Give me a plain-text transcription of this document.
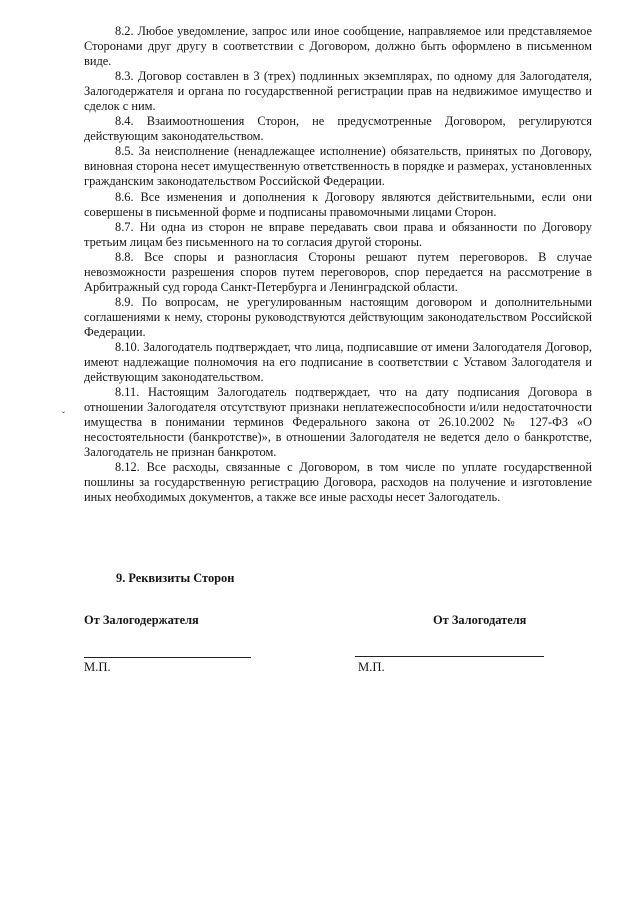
ˇ

8.2. Любое уведомление, запрос или иное сообщение, направляемое или представляемое Сторонами друг другу в соответствии с Договором, должно быть оформлено в письменном виде.

8.3. Договор составлен в 3 (трех) подлинных экземплярах, по одному для Залогодателя, Залогодержателя и органа по государственной регистрации прав на недвижимое имущество и сделок с ним.

8.4. Взаимоотношения Сторон, не предусмотренные Договором, регулируются действующим законодательством.

8.5. За неисполнение (ненадлежащее исполнение) обязательств, принятых по Договору, виновная сторона несет имущественную ответственность в порядке и размерах, установленных гражданским законодательством Российской Федерации.

8.6. Все изменения и дополнения к Договору являются действительными, если они совершены в письменной форме и подписаны правомочными лицами Сторон.

8.7. Ни одна из сторон не вправе передавать свои права и обязанности по Договору третьим лицам без письменного на то согласия другой стороны.

8.8. Все споры и разногласия Стороны решают путем переговоров. В случае невозможности разрешения споров путем переговоров, спор передается на рассмотрение в Арбитражный суд города Санкт-Петербурга и Ленинградской области.

8.9. По вопросам, не урегулированным настоящим договором и дополнительными соглашениями к нему, стороны руководствуются действующим законодательством Российской Федерации.

8.10. Залогодатель подтверждает, что лица, подписавшие от имени Залогодателя Договор, имеют надлежащие полномочия на его подписание в соответствии с Уставом Залогодателя и действующим законодательством.

8.11. Настоящим Залогодатель подтверждает, что на дату подписания Договора в отношении Залогодателя отсутствуют признаки неплатежеспособности и/или недостаточности имущества в понимании терминов Федерального закона от 26.10.2002 № 127-ФЗ «О несостоятельности (банкротстве)», в отношении Залогодателя не ведется дело о банкротстве, Залогодатель не признан банкротом.

8.12. Все расходы, связанные с Договором, в том числе по уплате государственной пошлины за государственную регистрацию Договора, расходов на получение и изготовление иных необходимых документов, а также все иные расходы несет Залогодатель.

9. Реквизиты Сторон

От Залогодержателя	От Залогодателя

М.П.	М.П.
